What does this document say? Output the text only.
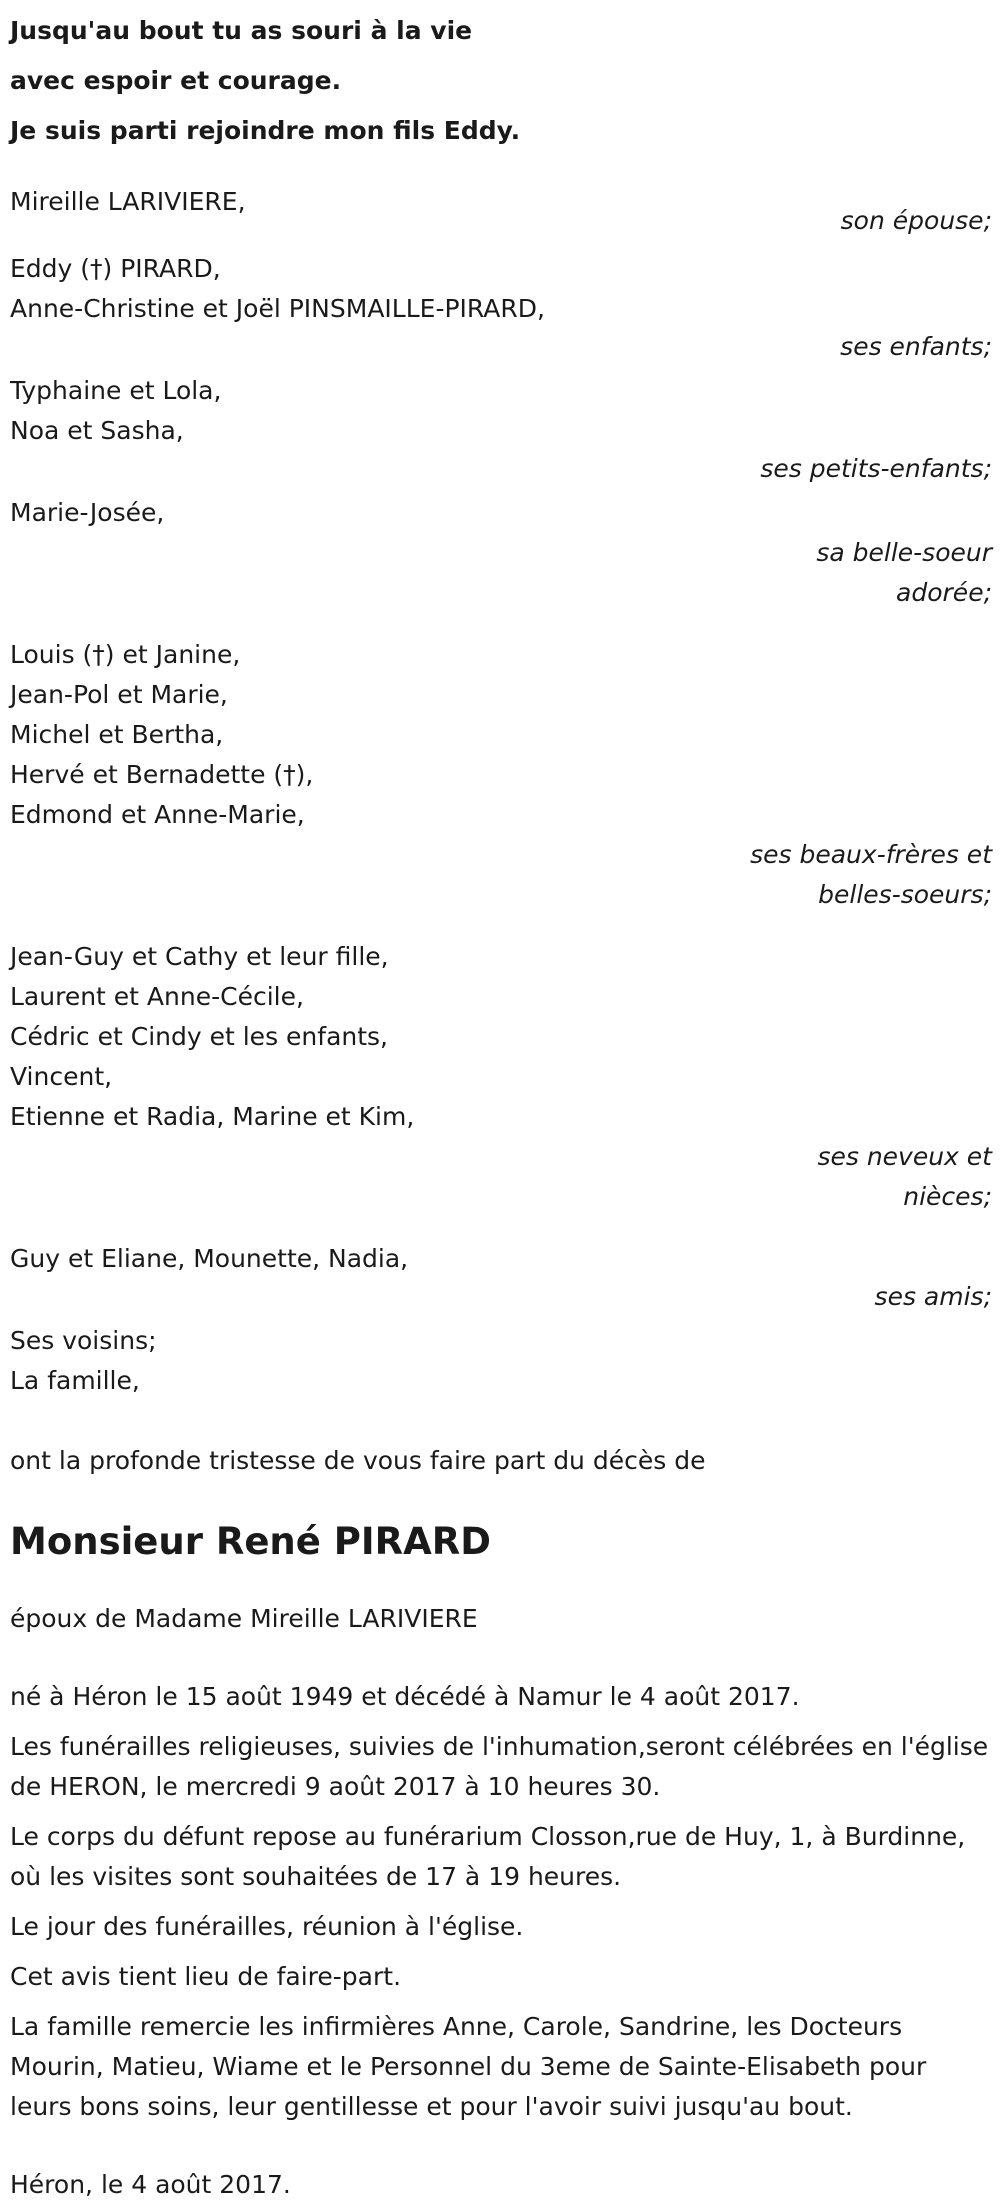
Jusqu'au bout tu as souri à la vie
avec espoir et courage.
Je suis parti rejoindre mon fils Eddy.
Mireille LARIVIERE,
son épouse;
Eddy (†) PIRARD,
Anne-Christine et Joël PINSMAILLE-PIRARD,
ses enfants;
Typhaine et Lola,
Noa et Sasha,
ses petits-enfants;
Marie-Josée,
sa belle-soeur
adorée;
Louis (†) et Janine,
Jean-Pol et Marie,
Michel et Bertha,
Hervé et Bernadette (†),
Edmond et Anne-Marie,
ses beaux-frères et
belles-soeurs;
Jean-Guy et Cathy et leur fille,
Laurent et Anne-Cécile,
Cédric et Cindy et les enfants,
Vincent,
Etienne et Radia, Marine et Kim,
ses neveux et
nièces;
Guy et Eliane, Mounette, Nadia,
ses amis;
Ses voisins;
La famille,
ont la profonde tristesse de vous faire part du décès de
Monsieur René PIRARD
époux de Madame Mireille LARIVIERE
né à Héron le 15 août 1949 et décédé à Namur le 4 août 2017.
Les funérailles religieuses, suivies de l'inhumation,seront célébrées en l'église de HERON, le mercredi 9 août 2017 à 10 heures 30.
Le corps du défunt repose au funérarium Closson,rue de Huy, 1, à Burdinne, où les visites sont souhaitées de 17 à 19 heures.
Le jour des funérailles, réunion à l'église.
Cet avis tient lieu de faire-part.
La famille remercie les infirmières Anne, Carole, Sandrine, les Docteurs Mourin, Matieu, Wiame et le Personnel du 3eme de Sainte-Elisabeth pour leurs bons soins, leur gentillesse et pour l'avoir suivi jusqu'au bout.
Héron, le 4 août 2017.
